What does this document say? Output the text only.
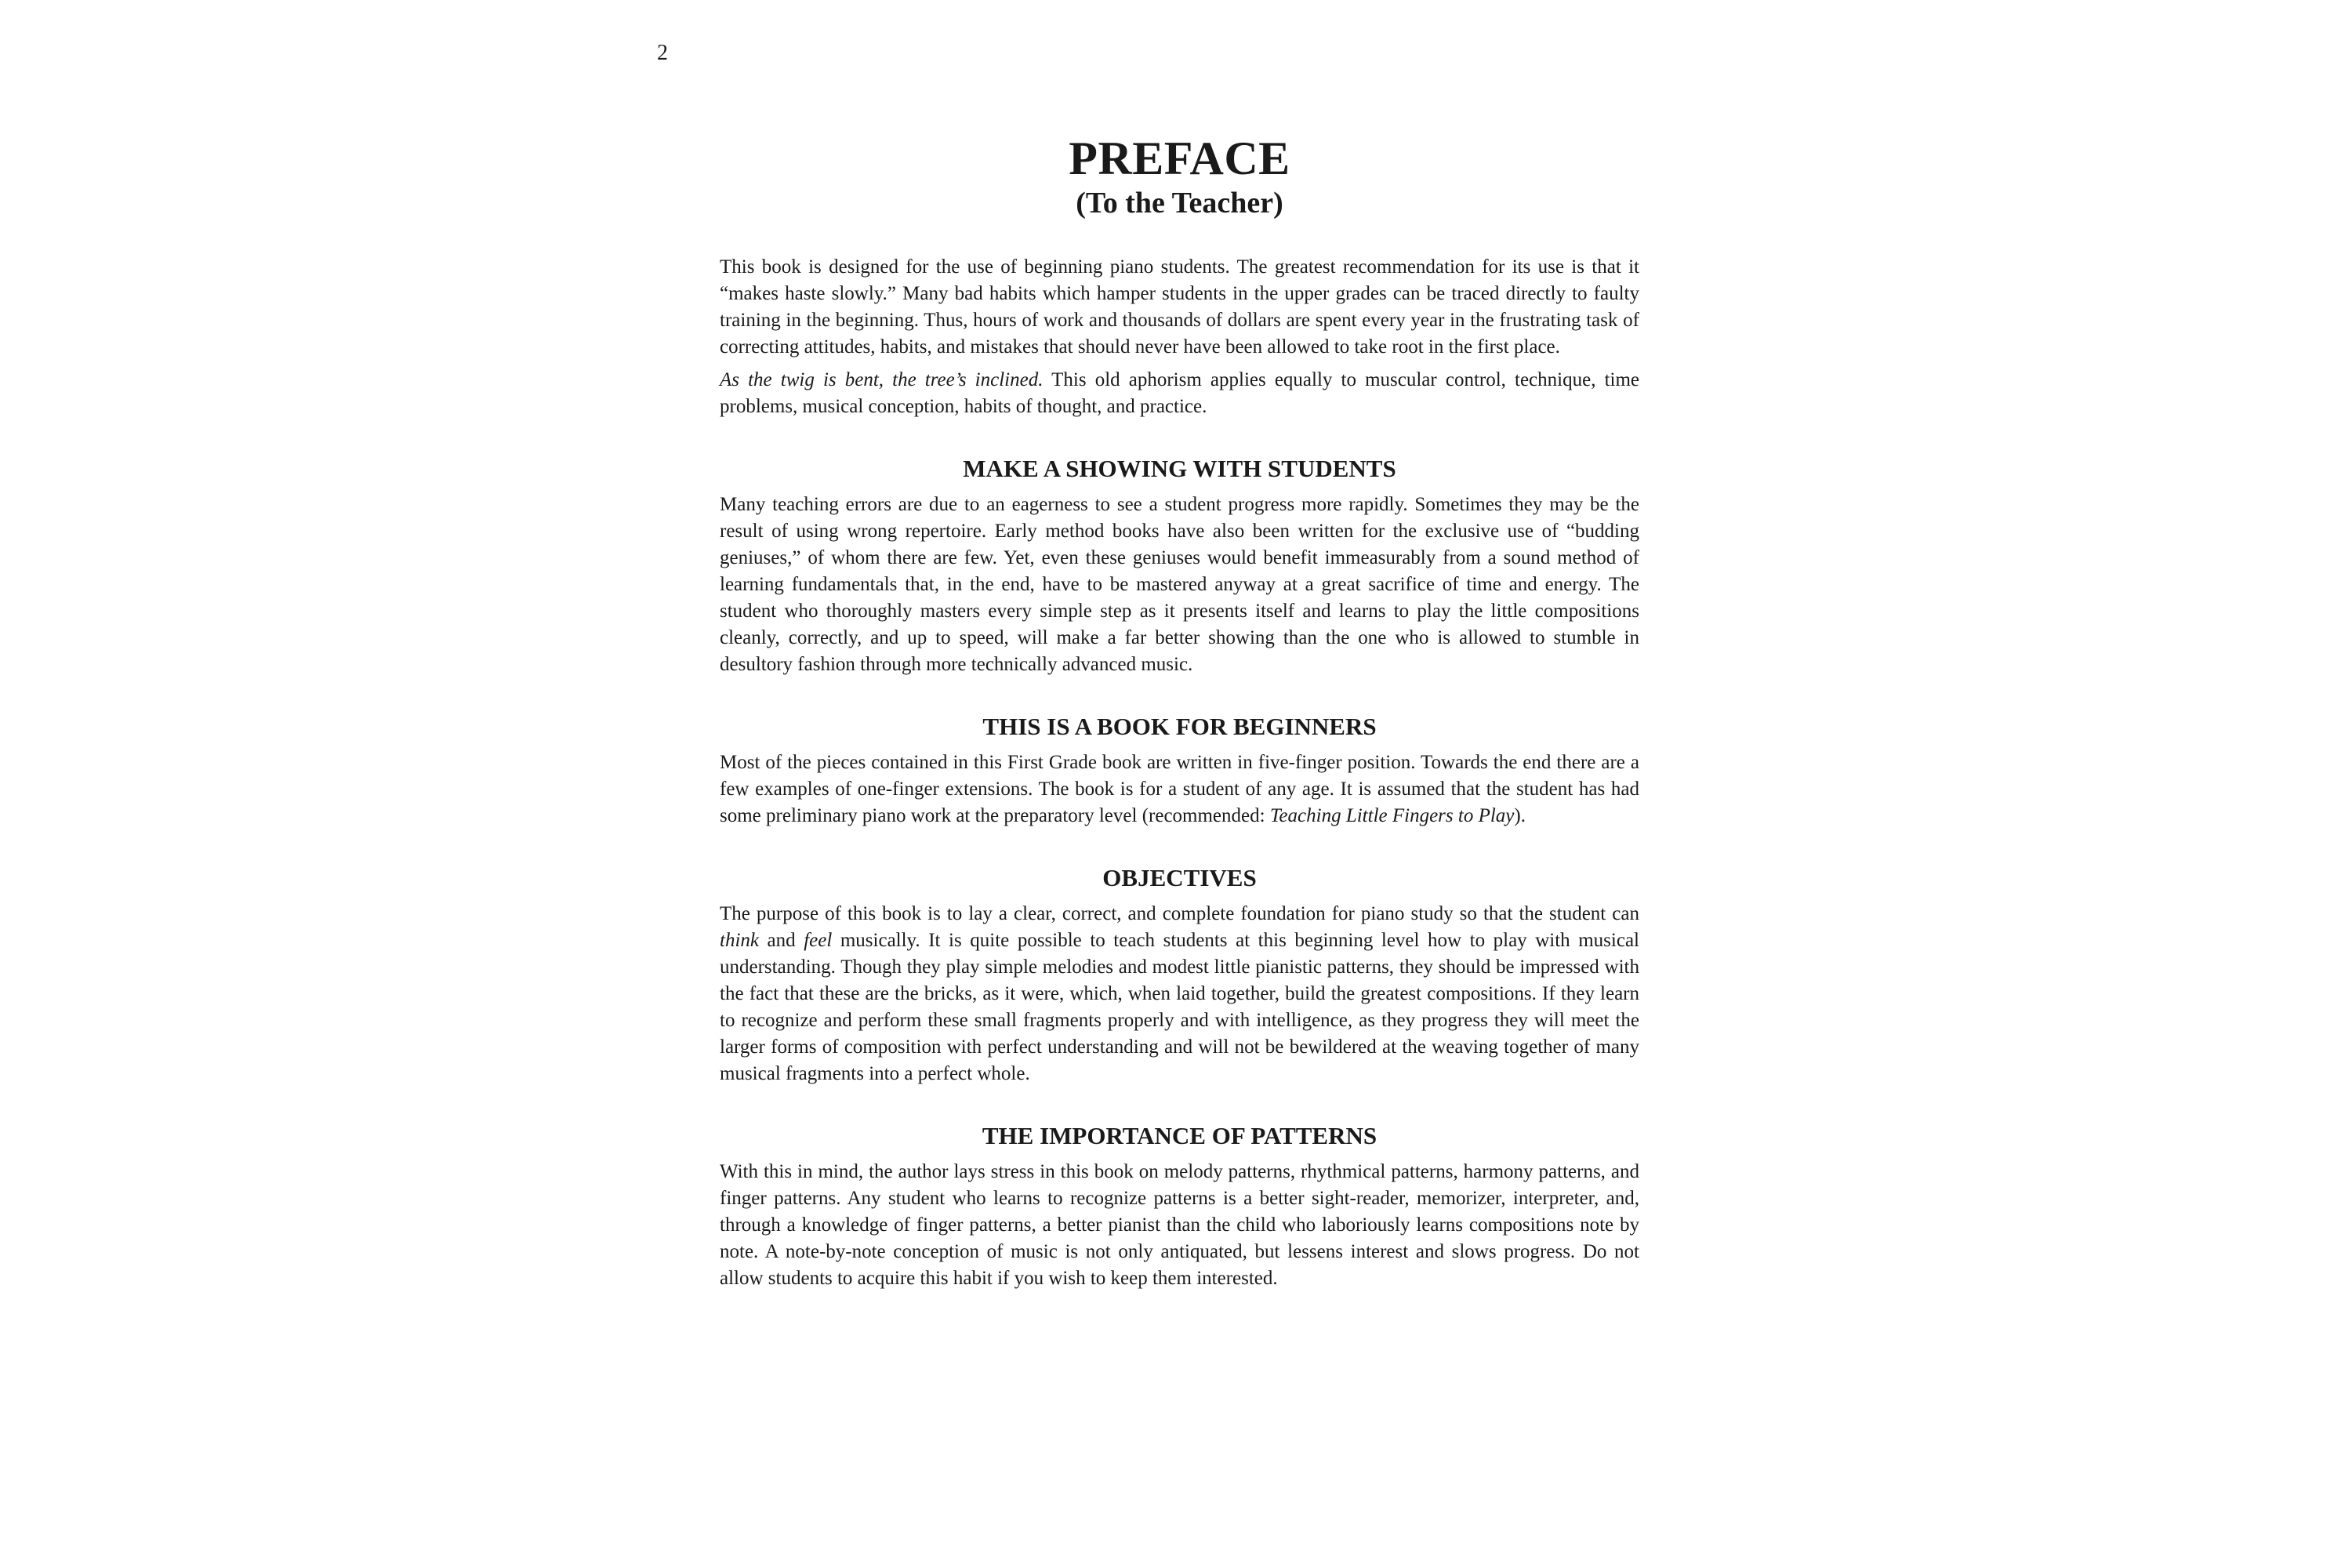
2
PREFACE
(To the Teacher)

This book is designed for the use of beginning piano students. The greatest recommendation for its use is that it “makes haste slowly.” Many bad habits which hamper students in the upper grades can be traced directly to faulty training in the beginning. Thus, hours of work and thousands of dollars are spent every year in the frustrating task of correcting attitudes, habits, and mistakes that should never have been allowed to take root in the first place.

As the twig is bent, the tree’s inclined. This old aphorism applies equally to muscular control, technique, time problems, musical conception, habits of thought, and practice.

MAKE A SHOWING WITH STUDENTS

Many teaching errors are due to an eagerness to see a student progress more rapidly. Sometimes they may be the result of using wrong repertoire. Early method books have also been written for the exclusive use of “budding geniuses,” of whom there are few. Yet, even these geniuses would benefit immeasurably from a sound method of learning fundamentals that, in the end, have to be mastered anyway at a great sacrifice of time and energy. The student who thoroughly masters every simple step as it presents itself and learns to play the little compositions cleanly, correctly, and up to speed, will make a far better showing than the one who is allowed to stumble in desultory fashion through more technically advanced music.

THIS IS A BOOK FOR BEGINNERS

Most of the pieces contained in this First Grade book are written in five-finger position. Towards the end there are a few examples of one-finger extensions. The book is for a student of any age. It is assumed that the student has had some preliminary piano work at the preparatory level (recommended: Teaching Little Fingers to Play).

OBJECTIVES

The purpose of this book is to lay a clear, correct, and complete foundation for piano study so that the student can think and feel musically. It is quite possible to teach students at this beginning level how to play with musical understanding. Though they play simple melodies and modest little pianistic patterns, they should be impressed with the fact that these are the bricks, as it were, which, when laid together, build the greatest compositions. If they learn to recognize and perform these small fragments properly and with intelligence, as they progress they will meet the larger forms of composition with perfect understanding and will not be bewildered at the weaving together of many musical fragments into a perfect whole.

THE IMPORTANCE OF PATTERNS

With this in mind, the author lays stress in this book on melody patterns, rhythmical patterns, harmony patterns, and finger patterns. Any student who learns to recognize patterns is a better sight-reader, memorizer, interpreter, and, through a knowledge of finger patterns, a better pianist than the child who laboriously learns compositions note by note. A note-by-note conception of music is not only antiquated, but lessens interest and slows progress. Do not allow students to acquire this habit if you wish to keep them interested.
